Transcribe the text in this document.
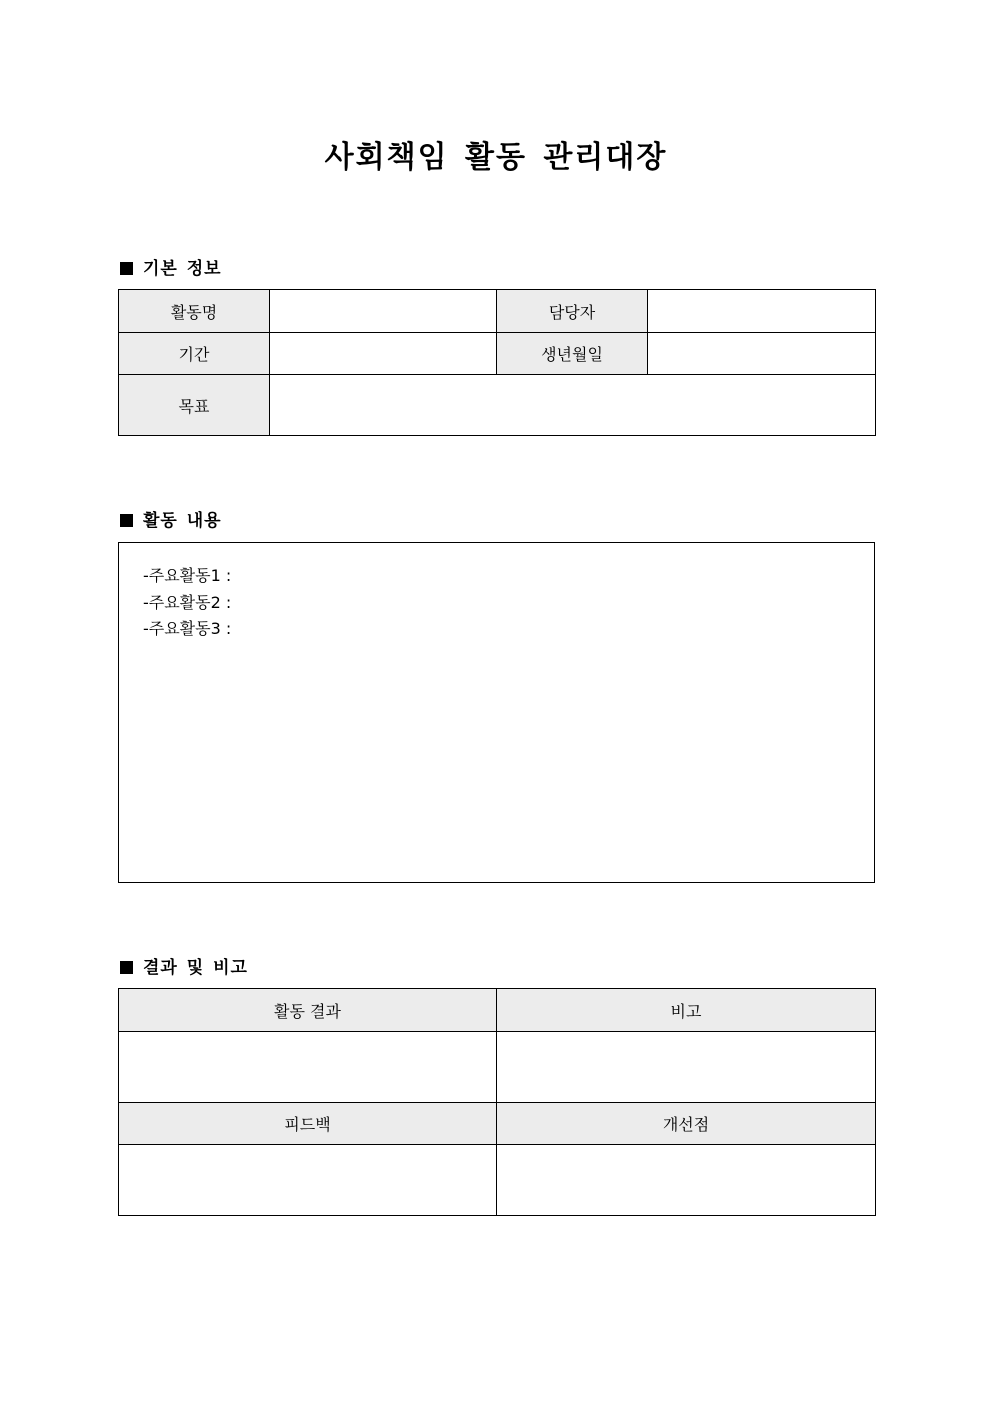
사회책임 활동 관리대장
기본 정보
활동명		담당자	
기간		생년월일	
목표			
활동 내용
-주요활동1 :
-주요활동2 :
-주요활동3 :
결과 및 비고
활동 결과	비고

피드백	개선점
